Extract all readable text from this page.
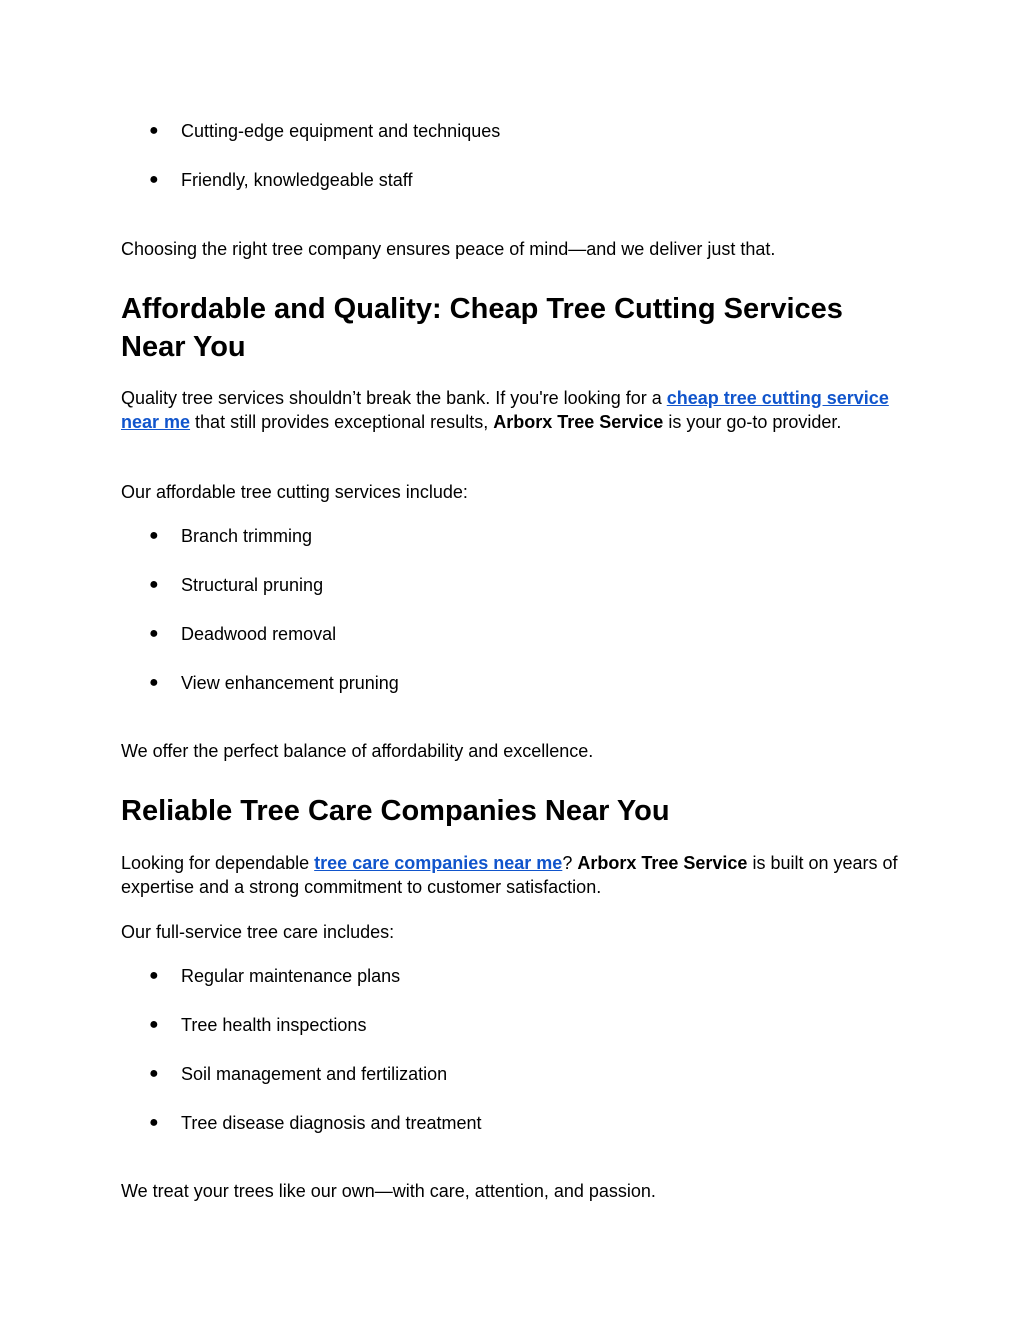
● Cutting-edge equipment and techniques
● Friendly, knowledgeable staff

Choosing the right tree company ensures peace of mind—and we deliver just that.

Affordable and Quality: Cheap Tree Cutting Services Near You

Quality tree services shouldn’t break the bank. If you're looking for a cheap tree cutting service near me that still provides exceptional results, Arborx Tree Service is your go-to provider.

Our affordable tree cutting services include:

● Branch trimming
● Structural pruning
● Deadwood removal
● View enhancement pruning

We offer the perfect balance of affordability and excellence.

Reliable Tree Care Companies Near You

Looking for dependable tree care companies near me? Arborx Tree Service is built on years of expertise and a strong commitment to customer satisfaction.

Our full-service tree care includes:

● Regular maintenance plans
● Tree health inspections
● Soil management and fertilization
● Tree disease diagnosis and treatment

We treat your trees like our own—with care, attention, and passion.
